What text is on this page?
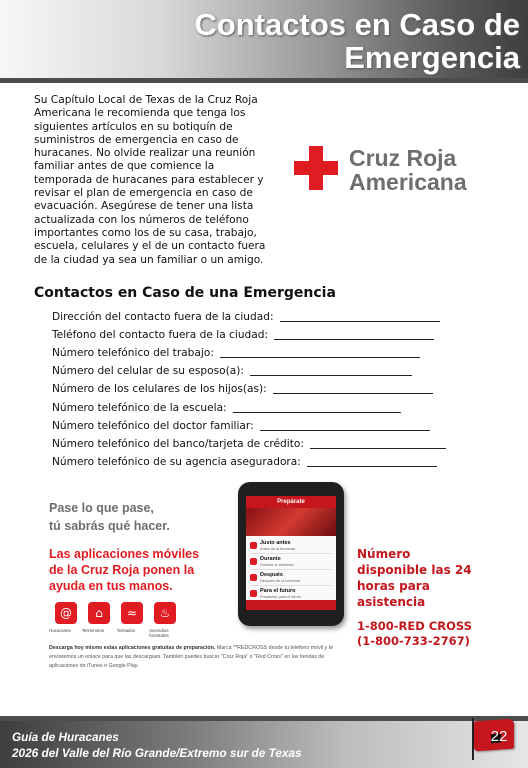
Contactos en Caso de Emergencia
Su Capítulo Local de Texas de la Cruz Roja Americana le recomienda que tenga los siguientes artículos en su botiquín de suministros de emergencia en caso de huracanes. No olvide realizar una reunión familiar antes de que comience la temporada de huracanes para establecer y revisar el plan de emergencia en caso de evacuación. Asegúrese de tener una lista actualizada con los números de teléfono importantes como los de su casa, trabajo, escuela, celulares y el de un contacto fuera de la ciudad ya sea un familiar o un amigo.
Cruz Roja
Americana
Contactos en Caso de una Emergencia
Dirección del contacto fuera de la ciudad:
Teléfono del contacto fuera de la ciudad:
Número telefónico del trabajo:
Número del celular de su esposo(a):
Número de los celulares de los hijos(as):
Número telefónico de la escuela:
Número telefónico del doctor familiar:
Número telefónico del banco/tarjeta de crédito:
Número telefónico de su agencia aseguradora:
Pase lo que pase,
tú sabrás qué hacer.
Las aplicaciones móviles
de la Cruz Roja ponen la
ayuda en tus manos.
@
Huracanes
⌂
Terremotos
≈
Tornados
♨
Incendios forestales
Descarga hoy mismo estas aplicaciones gratuitas de preparación. Marca **REDCROSS desde tu teléfono móvil y te enviaremos un enlace para que las descargues. También puedes buscar "Cruz Roja" o "Red Cross" en las tiendas de aplicaciones de iTunes o Google Play.
Prepárate
Justo antes
Antes de la tormenta
Durante
Durante la tormenta
Después
Después de la tormenta
Para el futuro
Prepárese para el futuro
Número
disponible las 24
horas para
asistencia
1-800-RED CROSS
(1-800-733-2767)
Guía de Huracanes
2026 del Valle del Río Grande/Extremo sur de Texas
22
